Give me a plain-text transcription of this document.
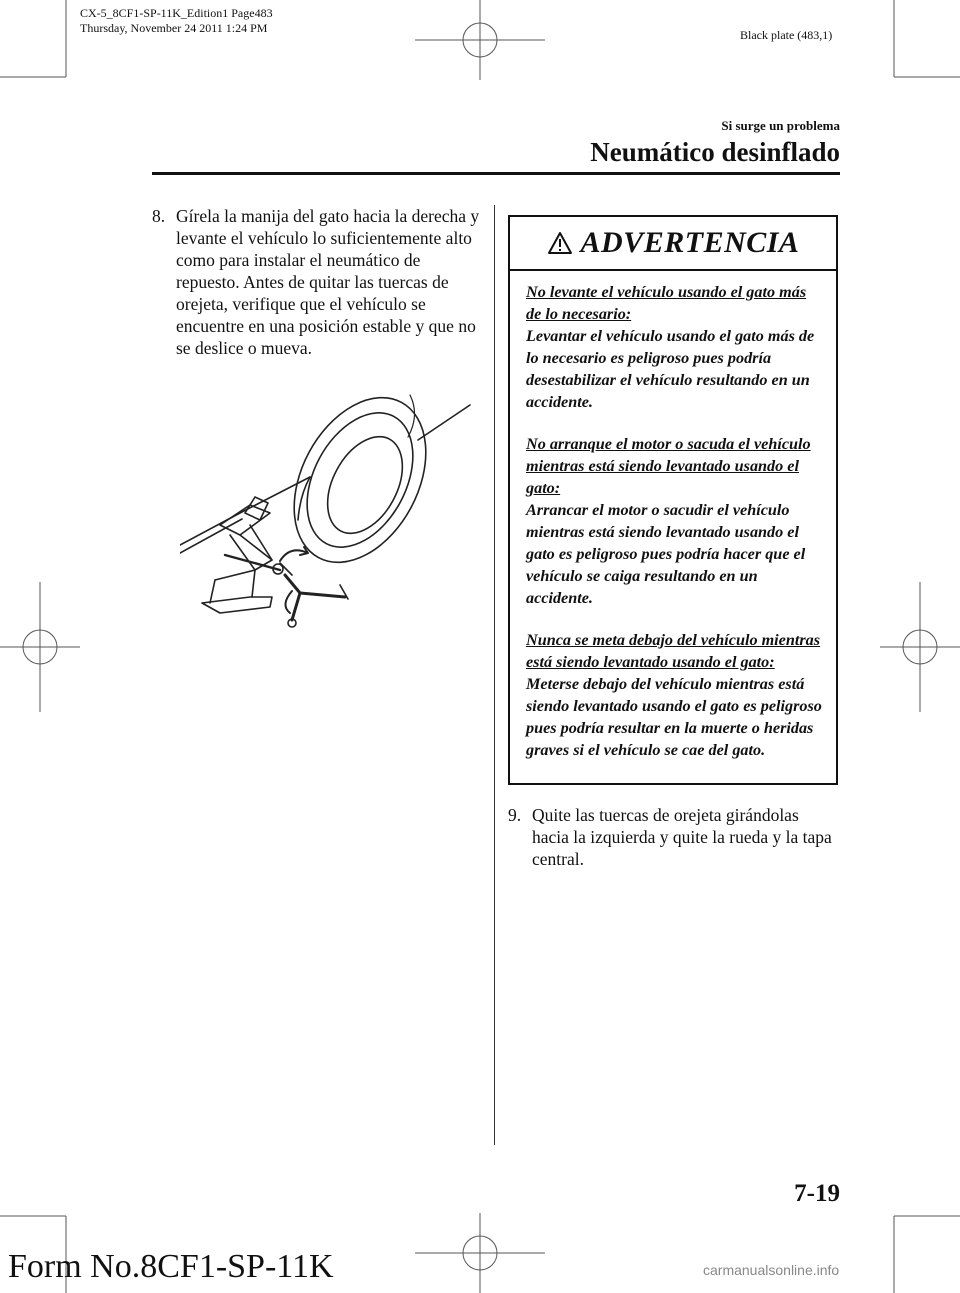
CX-5_8CF1-SP-11K_Edition1 Page483
Thursday, November 24 2011 1:24 PM	Black plate (483,1)
Si surge un problema
Neumático desinflado
8. Gírela la manija del gato hacia la derecha y levante el vehículo lo suficientemente alto como para instalar el neumático de repuesto. Antes de quitar las tuercas de orejeta, verifique que el vehículo se encuentre en una posición estable y que no se deslice o mueva.
ADVERTENCIA
No levante el vehículo usando el gato más de lo necesario:
Levantar el vehículo usando el gato más de lo necesario es peligroso pues podría desestabilizar el vehículo resultando en un accidente.
No arranque el motor o sacuda el vehículo mientras está siendo levantado usando el gato:
Arrancar el motor o sacudir el vehículo mientras está siendo levantado usando el gato es peligroso pues podría hacer que el vehículo se caiga resultando en un accidente.
Nunca se meta debajo del vehículo mientras está siendo levantado usando el gato:
Meterse debajo del vehículo mientras está siendo levantado usando el gato es peligroso pues podría resultar en la muerte o heridas graves si el vehículo se cae del gato.
9. Quite las tuercas de orejeta girándolas hacia la izquierda y quite la rueda y la tapa central.
7-19
Form No.8CF1-SP-11K	carmanualsonline.info
